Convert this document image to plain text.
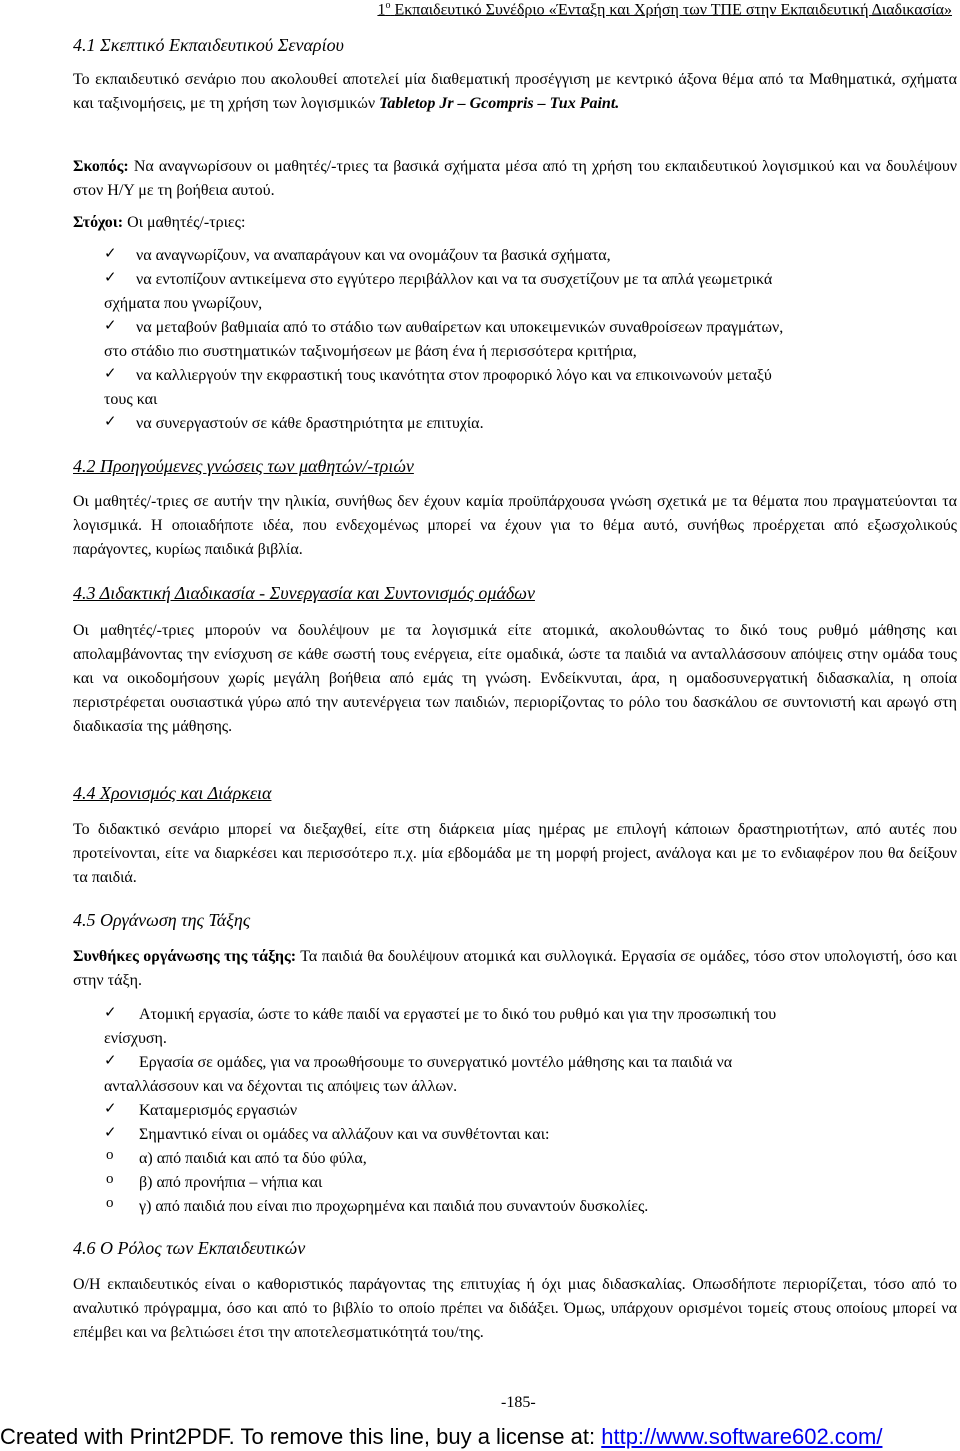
$1^o$ Εκπαιδευτικό Συνέδριο «Ένταξη και Χρήση των ΤΠΕ στην Εκπαιδευτική Διαδικασία»
4.1 Σκεπτικό Εκπαιδευτικού Σεναρίου
Το εκπαιδευτικό σενάριο που ακολουθεί αποτελεί μία διαθεματική προσέγγιση με κεντρικό άξονα θέμα από τα Μαθηματικά, σχήματα και ταξινομήσεις, με τη χρήση των λογισμικών Tabletop Jr – Gcompris – Tux Paint.
Σκοπός: Να αναγνωρίσουν οι μαθητές/-τριες τα βασικά σχήματα μέσα από τη χρήση του εκπαιδευτικού λογισμικού και να δουλέψουν στον Η/Υ με τη βοήθεια αυτού.
Στόχοι: Οι μαθητές/-τριες:
✓	να αναγνωρίζουν, να αναπαράγουν και να ονομάζουν τα βασικά σχήματα,
✓	να εντοπίζουν αντικείμενα στο εγγύτερο περιβάλλον και να τα συσχετίζουν με τα απλά γεωμετρικά
σχήματα που γνωρίζουν,
✓	να μεταβούν βαθμιαία από το στάδιο των αυθαίρετων και υποκειμενικών συναθροίσεων πραγμάτων,
στο στάδιο πιο συστηματικών ταξινομήσεων με βάση ένα ή περισσότερα κριτήρια,
✓	να καλλιεργούν την εκφραστική τους ικανότητα στον προφορικό λόγο και να επικοινωνούν μεταξύ
τους και
✓	να συνεργαστούν σε κάθε δραστηριότητα με επιτυχία.
4.2 Προηγούμενες γνώσεις των μαθητών/-τριών
Οι μαθητές/-τριες σε αυτήν την ηλικία, συνήθως δεν έχουν καμία προϋπάρχουσα γνώση σχετικά με τα θέματα που πραγματεύονται τα λογισμικά. Η οποιαδήποτε ιδέα, που ενδεχομένως μπορεί να έχουν για το θέμα αυτό, συνήθως προέρχεται από εξωσχολικούς παράγοντες, κυρίως παιδικά βιβλία.
4.3 Διδακτική Διαδικασία - Συνεργασία και Συντονισμός ομάδων
Οι μαθητές/-τριες μπορούν να δουλέψουν με τα λογισμικά είτε ατομικά, ακολουθώντας το δικό τους ρυθμό μάθησης και απολαμβάνοντας την ενίσχυση σε κάθε σωστή τους ενέργεια, είτε ομαδικά, ώστε τα παιδιά να ανταλλάσσουν απόψεις στην ομάδα τους και να οικοδομήσουν χωρίς μεγάλη βοήθεια από εμάς τη γνώση. Ενδείκνυται, άρα, η ομαδοσυνεργατική διδασκαλία, η οποία περιστρέφεται ουσιαστικά γύρω από την αυτενέργεια των παιδιών, περιορίζοντας το ρόλο του δασκάλου σε συντονιστή και αρωγό στη διαδικασία της μάθησης.
4.4 Χρονισμός και Διάρκεια
Το διδακτικό σενάριο μπορεί να διεξαχθεί, είτε στη διάρκεια μίας ημέρας με επιλογή κάποιων δραστηριοτήτων, από αυτές που προτείνονται, είτε να διαρκέσει και περισσότερο π.χ. μία εβδομάδα με τη μορφή project, ανάλογα και με το ενδιαφέρον που θα δείξουν τα παιδιά.
4.5 Οργάνωση της Τάξης
Συνθήκες οργάνωσης της τάξης: Τα παιδιά θα δουλέψουν ατομικά και συλλογικά. Εργασία σε ομάδες, τόσο στον υπολογιστή, όσο και στην τάξη.
✓	Ατομική εργασία, ώστε το κάθε παιδί να εργαστεί με το δικό του ρυθμό και για την προσωπική του
ενίσχυση.
✓	Εργασία σε ομάδες, για να προωθήσουμε το συνεργατικό μοντέλο μάθησης και τα παιδιά να
ανταλλάσσουν και να δέχονται τις απόψεις των άλλων.
✓	Καταμερισμός εργασιών
✓	Σημαντικό είναι οι ομάδες να αλλάζουν και να συνθέτονται και:
o	α) από παιδιά και από τα δύο φύλα,
o	β) από προνήπια – νήπια και
o	γ) από παιδιά που είναι πιο προχωρημένα και παιδιά που συναντούν δυσκολίες.
4.6 Ο Ρόλος των Εκπαιδευτικών
Ο/Η εκπαιδευτικός είναι ο καθοριστικός παράγοντας της επιτυχίας ή όχι μιας διδασκαλίας. Οπωσδήποτε περιορίζεται, τόσο από το αναλυτικό πρόγραμμα, όσο και από το βιβλίο το οποίο πρέπει να διδάξει. Όμως, υπάρχουν ορισμένοι τομείς στους οποίους μπορεί να επέμβει και να βελτιώσει έτσι την αποτελεσματικότητά του/της.
-185-
Created with Print2PDF. To remove this line, buy a license at: http://www.software602.com/
